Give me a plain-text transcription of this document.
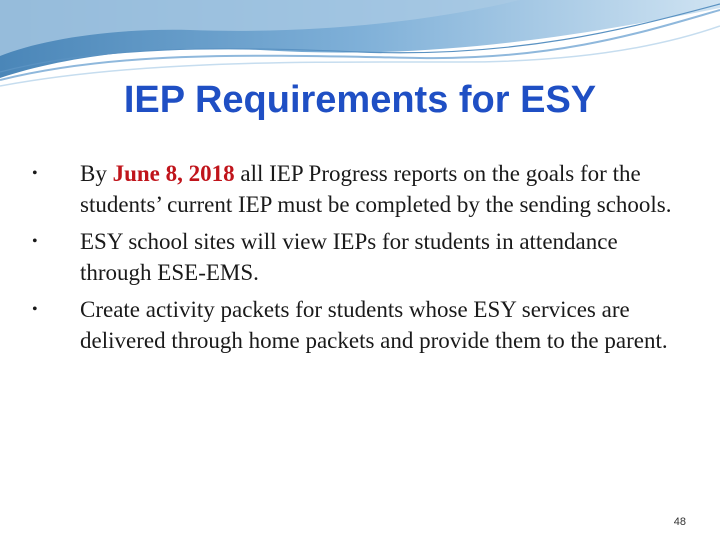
IEP Requirements for ESY
•	By June 8, 2018 all IEP Progress reports on the goals for the students’ current IEP must be completed by the sending schools.
•	ESY school sites will view IEPs for students in attendance through ESE-EMS.
•	Create activity packets for students whose ESY services are delivered through home packets and provide them to the parent.
48
